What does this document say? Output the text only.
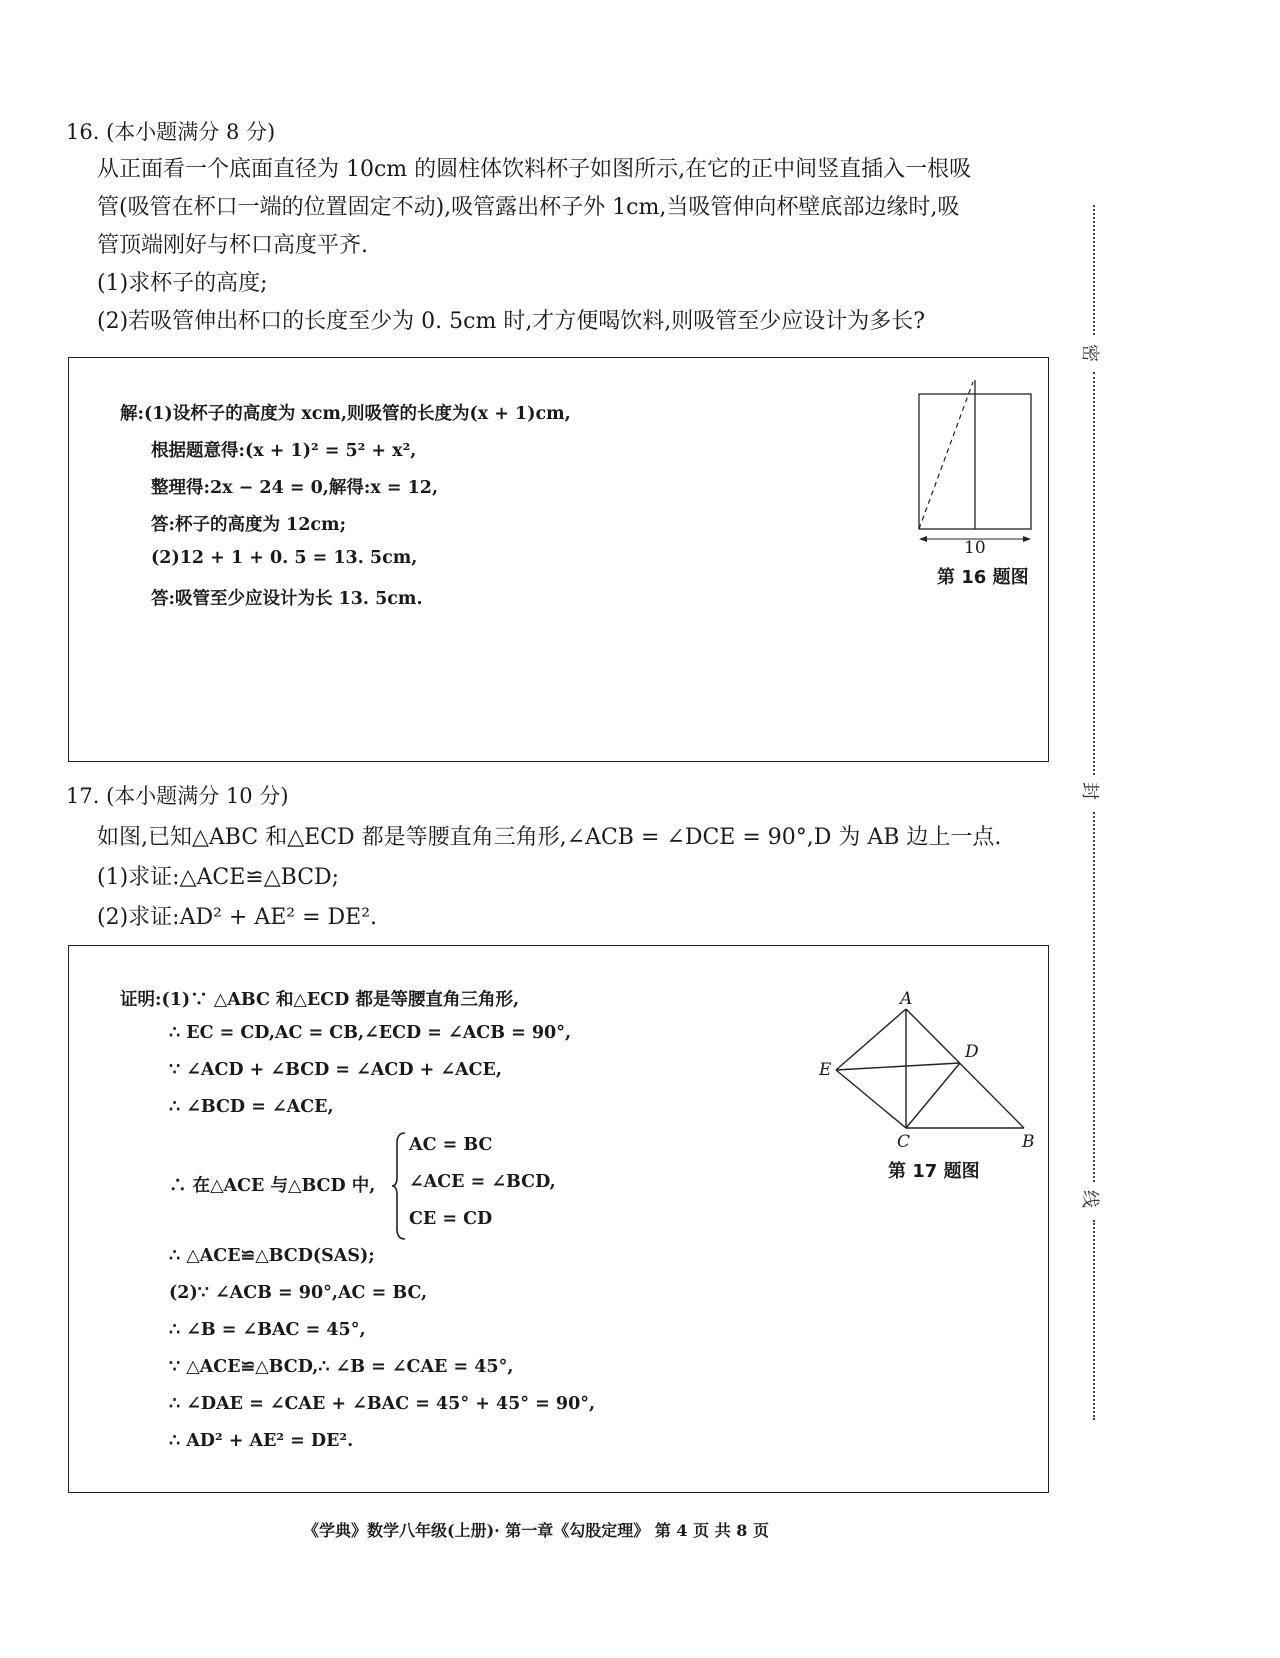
16. (本小题满分 8 分)
从正面看一个底面直径为 10cm 的圆柱体饮料杯子如图所示,在它的正中间竖直插入一根吸
管(吸管在杯口一端的位置固定不动),吸管露出杯子外 1cm,当吸管伸向杯壁底部边缘时,吸
管顶端刚好与杯口高度平齐.
(1)求杯子的高度;
(2)若吸管伸出杯口的长度至少为 0. 5cm 时,才方便喝饮料,则吸管至少应设计为多长?
解:(1)设杯子的高度为 xcm,则吸管的长度为(x + 1)cm,
根据题意得:(x + 1)² = 5² + x²,
整理得:2x − 24 = 0,解得:x = 12,
答:杯子的高度为 12cm;
(2)12 + 1 + 0. 5 = 13. 5cm,
答:吸管至少应设计为长 13. 5cm.
10
第 16 题图
17. (本小题满分 10 分)
如图,已知△ABC 和△ECD 都是等腰直角三角形,∠ACB = ∠DCE = 90°,D 为 AB 边上一点.
(1)求证:△ACE≌△BCD;
(2)求证:AD² + AE² = DE².
证明:(1)∵ △ABC 和△ECD 都是等腰直角三角形,
∴ EC = CD,AC = CB,∠ECD = ∠ACB = 90°,
∵ ∠ACD + ∠BCD = ∠ACD + ∠ACE,
∴ ∠BCD = ∠ACE,
∴ 在△ACE 与△BCD 中,
AC = BC
∠ACE = ∠BCD,
CE = CD
∴ △ACE≌△BCD(SAS);
(2)∵ ∠ACB = 90°,AC = BC,
∴ ∠B = ∠BAC = 45°,
∵ △ACE≌△BCD,∴ ∠B = ∠CAE = 45°,
∴ ∠DAE = ∠CAE + ∠BAC = 45° + 45° = 90°,
∴ AD² + AE² = DE².
A
D
E
C	B
第 17 题图
密
封
线
《学典》数学八年级(上册)· 第一章《勾股定理》 第 4 页 共 8 页
